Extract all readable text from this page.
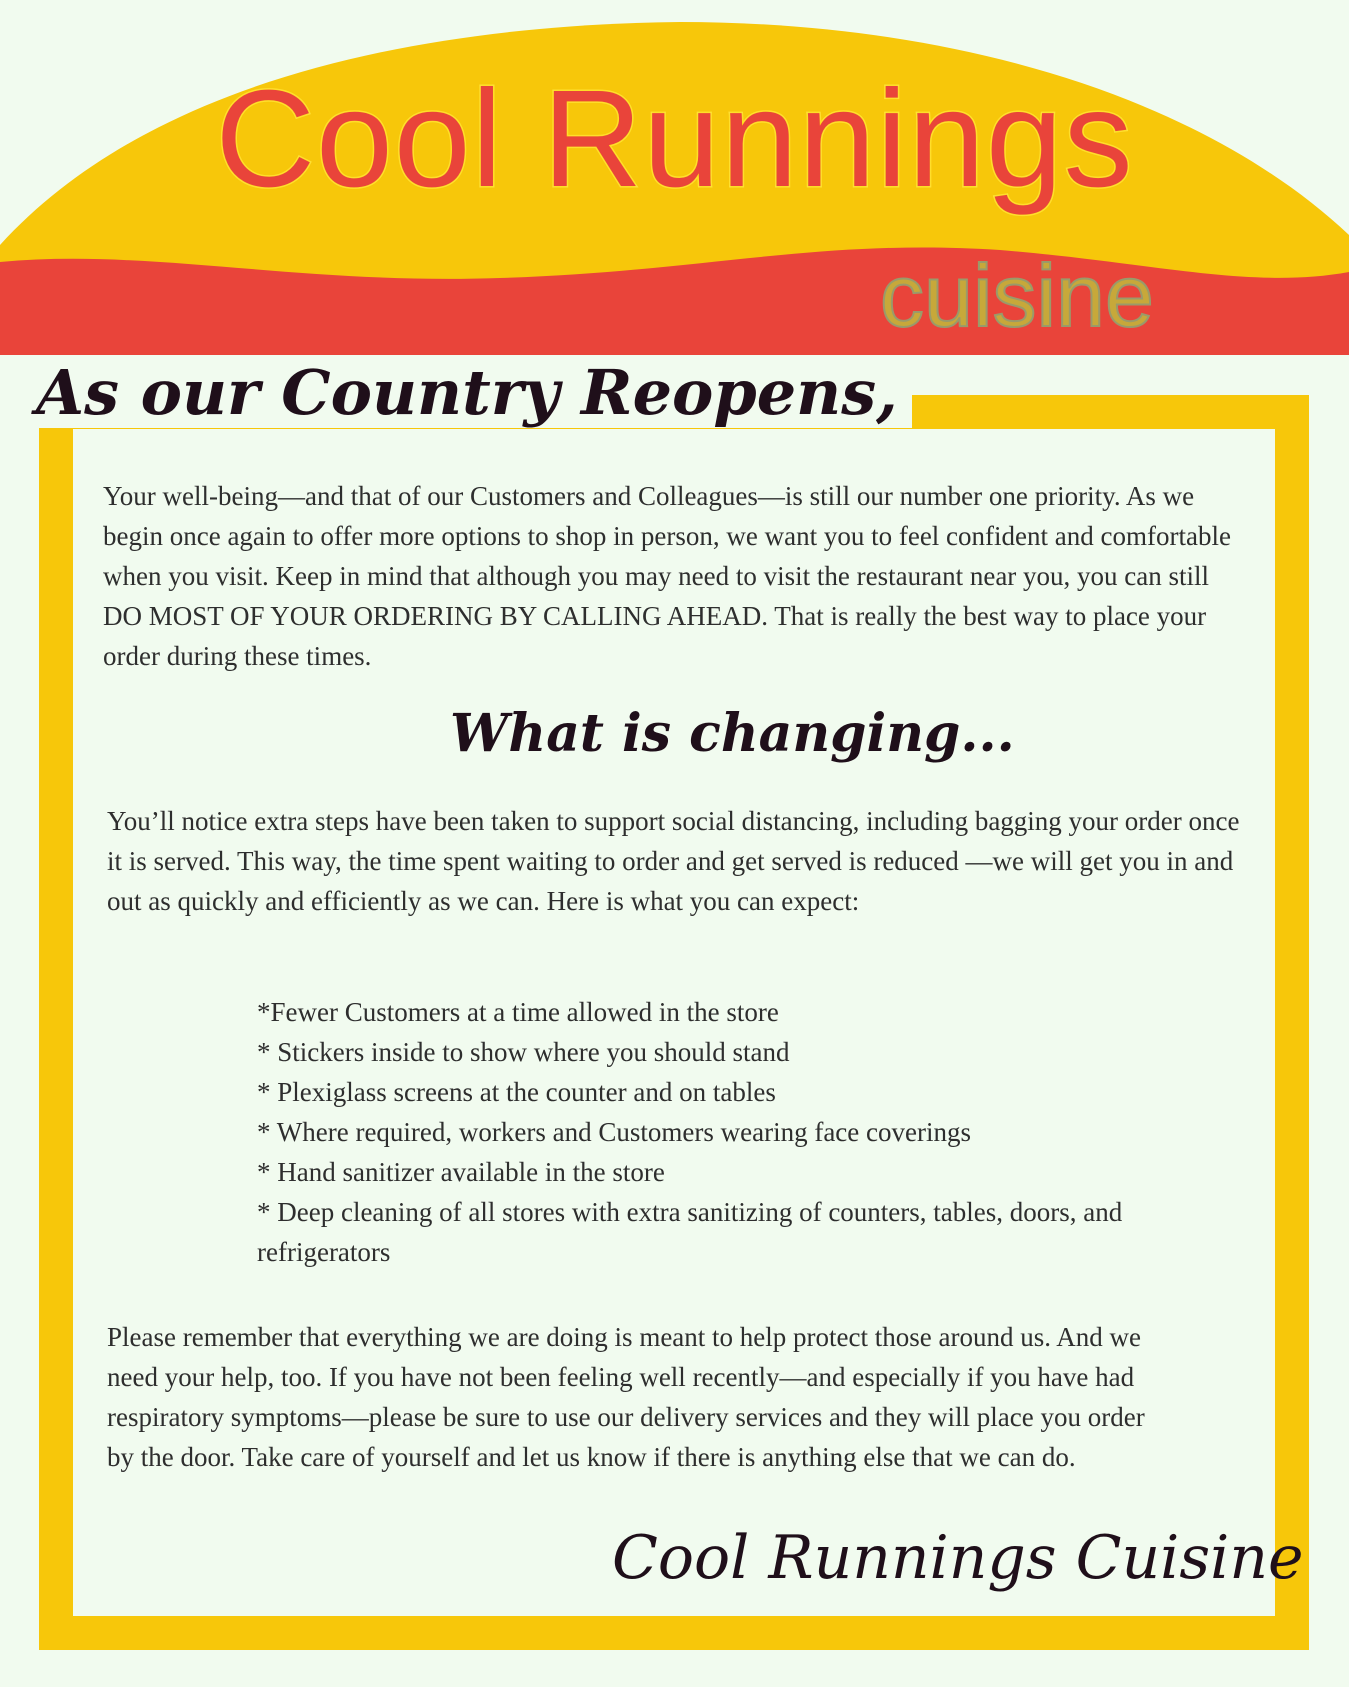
Cool Runnings
cuisine
As our Country Reopens,

Your well-being—and that of our Customers and Colleagues—is still our number one priority. As we begin once again to offer more options to shop in person, we want you to feel confident and comfortable when you visit. Keep in mind that although you may need to visit the restaurant near you, you can still DO MOST OF YOUR ORDERING BY CALLING AHEAD. That is really the best way to place your order during these times.

What is changing...

You’ll notice extra steps have been taken to support social distancing, including bagging your order once it is served. This way, the time spent waiting to order and get served is reduced —we will get you in and out as quickly and efficiently as we can. Here is what you can expect:

*Fewer Customers at a time allowed in the store
* Stickers inside to show where you should stand
* Plexiglass screens at the counter and on tables
* Where required, workers and Customers wearing face coverings
* Hand sanitizer available in the store
* Deep cleaning of all stores with extra sanitizing of counters, tables, doors, and refrigerators

Please remember that everything we are doing is meant to help protect those around us. And we need your help, too. If you have not been feeling well recently—and especially if you have had respiratory symptoms—please be sure to use our delivery services and they will place you order by the door. Take care of yourself and let us know if there is anything else that we can do.

Cool Runnings Cuisine
